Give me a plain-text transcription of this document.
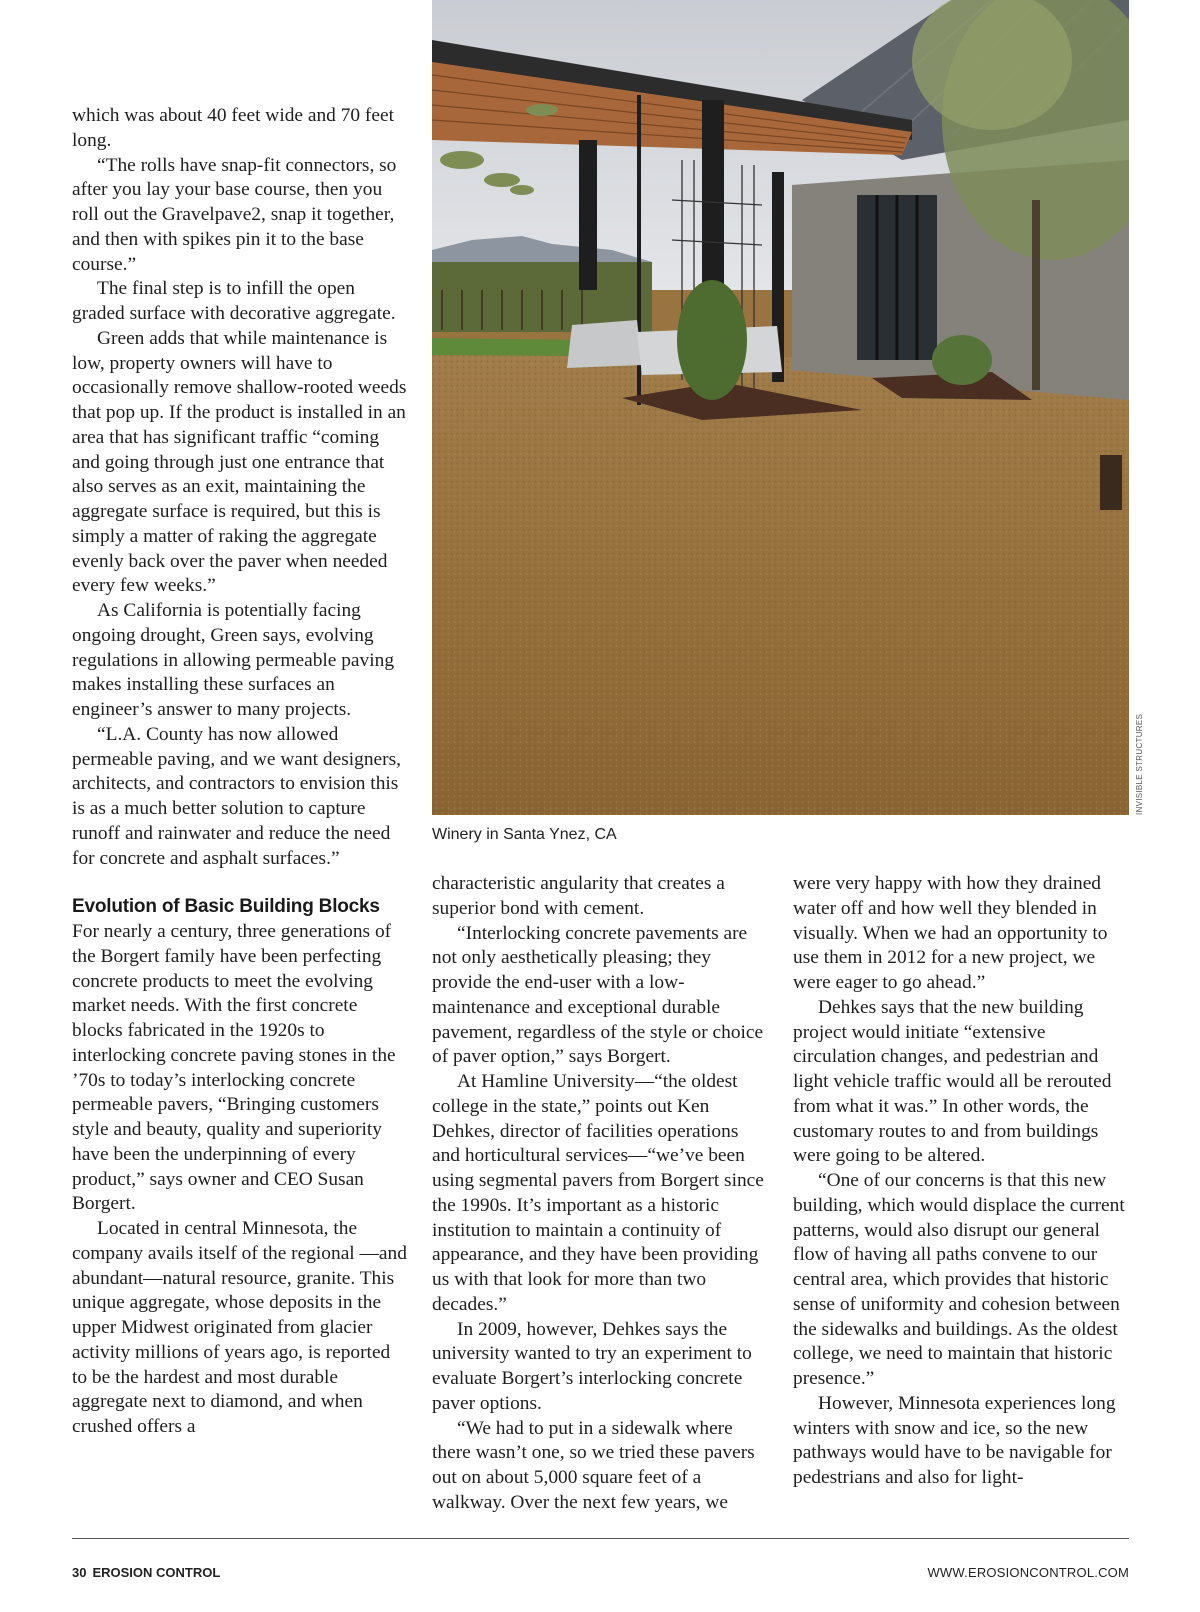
which was about 40 feet wide and 70 feet long.

“The rolls have snap-fit connectors, so after you lay your base course, then you roll out the Gravelpave2, snap it together, and then with spikes pin it to the base course.”

The final step is to infill the open graded surface with decorative aggregate.

Green adds that while maintenance is low, property owners will have to occasionally remove shallow-rooted weeds that pop up. If the product is installed in an area that has significant traffic “coming and going through just one entrance that also serves as an exit, maintaining the aggregate surface is required, but this is simply a matter of raking the aggregate evenly back over the paver when needed every few weeks.”

As California is potentially facing ongoing drought, Green says, evolving regulations in allowing permeable paving makes installing these surfaces an engineer’s answer to many projects.

“L.A. County has now allowed permeable paving, and we want designers, architects, and contractors to envision this is as a much better solution to capture runoff and rainwater and reduce the need for concrete and asphalt surfaces.”

Evolution of Basic Building Blocks

For nearly a century, three generations of the Borgert family have been perfecting concrete products to meet the evolving market needs. With the first concrete blocks fabricated in the 1920s to interlocking concrete paving stones in the ’70s to today’s interlocking concrete permeable pavers, “Bringing customers style and beauty, quality and superiority have been the underpinning of every product,” says owner and CEO Susan Borgert.

Located in central Minnesota, the company avails itself of the regional —and abundant—natural resource, granite. This unique aggregate, whose deposits in the upper Midwest originated from glacier activity millions of years ago, is reported to be the hardest and most durable aggregate next to diamond, and when crushed offers a

INVISIBLE STRUCTURES
Winery in Santa Ynez, CA

characteristic angularity that creates a superior bond with cement.

“Interlocking concrete pavements are not only aesthetically pleasing; they provide the end-user with a low-maintenance and exceptional durable pavement, regardless of the style or choice of paver option,” says Borgert.

At Hamline University—“the oldest college in the state,” points out Ken Dehkes, director of facilities operations and horticultural services—“we’ve been using segmental pavers from Borgert since the 1990s. It’s important as a historic institution to maintain a continuity of appearance, and they have been providing us with that look for more than two decades.”

In 2009, however, Dehkes says the university wanted to try an experiment to evaluate Borgert’s interlocking concrete paver options.

“We had to put in a sidewalk where there wasn’t one, so we tried these pavers out on about 5,000 square feet of a walkway. Over the next few years, we

were very happy with how they drained water off and how well they blended in visually. When we had an opportunity to use them in 2012 for a new project, we were eager to go ahead.”

Dehkes says that the new building project would initiate “extensive circulation changes, and pedestrian and light vehicle traffic would all be rerouted from what it was.” In other words, the customary routes to and from buildings were going to be altered.

“One of our concerns is that this new building, which would displace the current patterns, would also disrupt our general flow of having all paths convene to our central area, which provides that historic sense of uniformity and cohesion between the sidewalks and buildings. As the oldest college, we need to maintain that historic presence.”

However, Minnesota experiences long winters with snow and ice, so the new pathways would have to be navigable for pedestrians and also for light-

30 EROSION CONTROL	WWW.EROSIONCONTROL.COM
